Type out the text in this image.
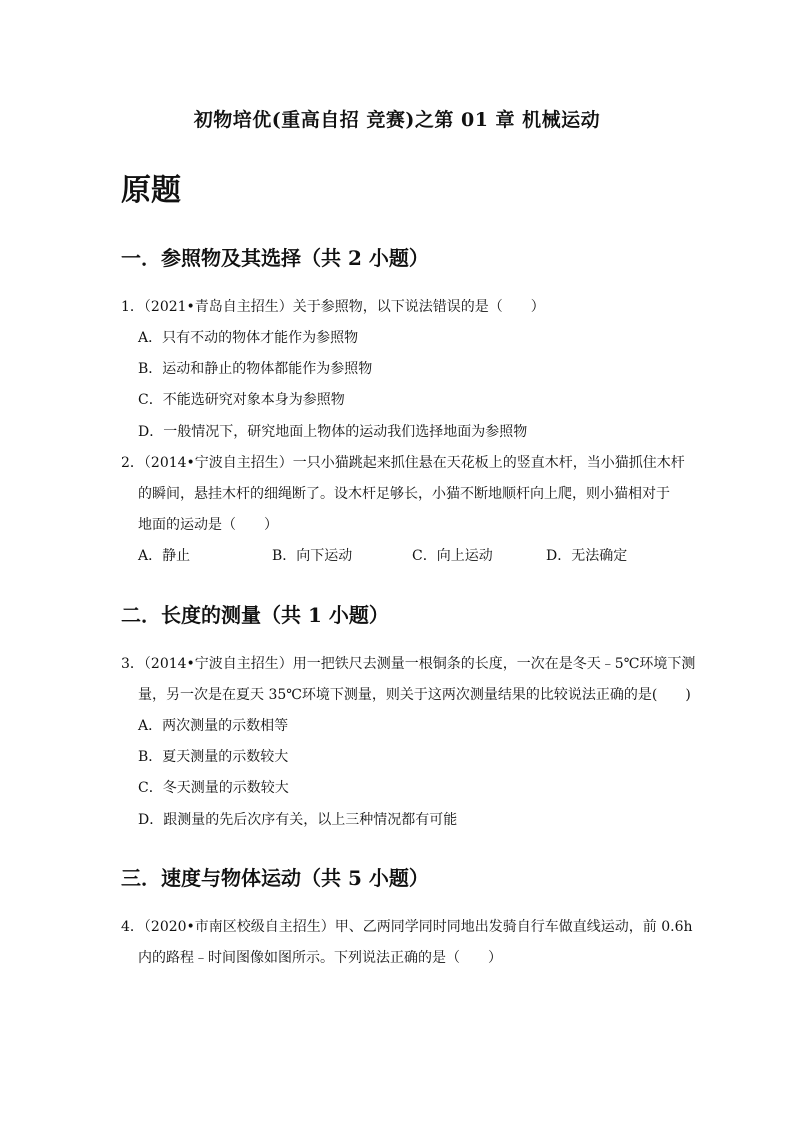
初物培优(重高自招 竞赛)之第 01 章 机械运动
原题
一．参照物及其选择（共 2 小题）
1．（2021•青岛自主招生）关于参照物，以下说法错误的是（　　）
A．只有不动的物体才能作为参照物
B．运动和静止的物体都能作为参照物
C．不能选研究对象本身为参照物
D．一般情况下，研究地面上物体的运动我们选择地面为参照物
2．（2014•宁波自主招生）一只小猫跳起来抓住悬在天花板上的竖直木杆，当小猫抓住木杆
的瞬间，悬挂木杆的细绳断了。设木杆足够长，小猫不断地顺杆向上爬，则小猫相对于
地面的运动是（　　）
A．静止	B．向下运动	C．向上运动	D．无法确定
二．长度的测量（共 1 小题）
3．（2014•宁波自主招生）用一把铁尺去测量一根铜条的长度，一次在是冬天﹣5℃环境下测
量，另一次是在夏天 35℃环境下测量，则关于这两次测量结果的比较说法正确的是(　　)
A．两次测量的示数相等
B．夏天测量的示数较大
C．冬天测量的示数较大
D．跟测量的先后次序有关，以上三种情况都有可能
三．速度与物体运动（共 5 小题）
4．（2020•市南区校级自主招生）甲、乙两同学同时同地出发骑自行车做直线运动，前 0.6h
内的路程﹣时间图像如图所示。下列说法正确的是（　　）
